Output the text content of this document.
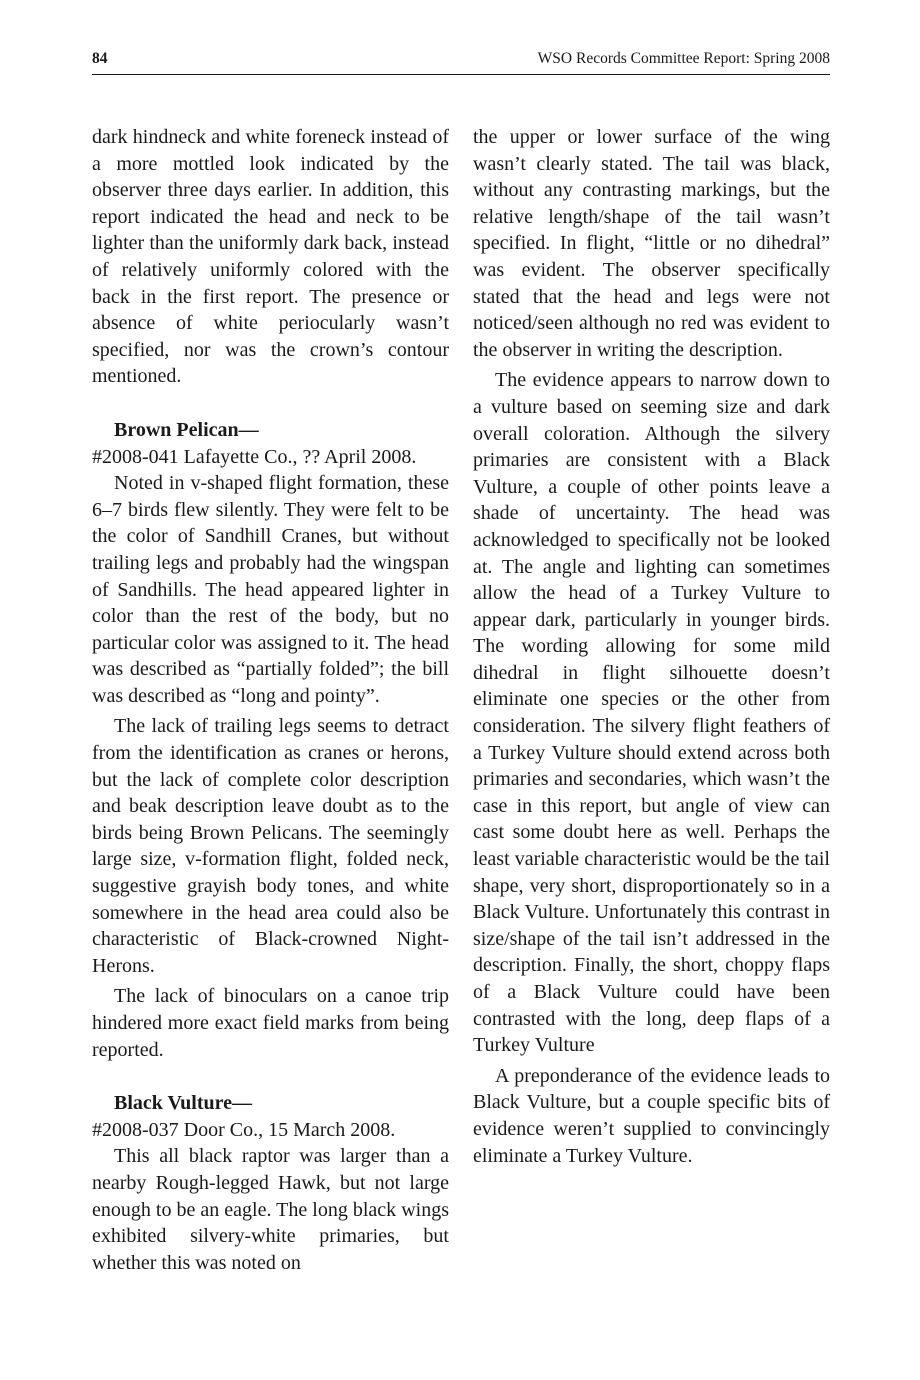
84	WSO Records Committee Report: Spring 2008

dark hindneck and white foreneck instead of a more mottled look indicated by the observer three days earlier. In addition, this report indicated the head and neck to be lighter than the uniformly dark back, instead of relatively uniformly colored with the back in the first report. The presence or absence of white periocularly wasn’t specified, nor was the crown’s contour mentioned.

Brown Pelican—

#2008-041 Lafayette Co., ?? April 2008.

Noted in v-shaped flight formation, these 6–7 birds flew silently. They were felt to be the color of Sandhill Cranes, but without trailing legs and probably had the wingspan of Sandhills. The head appeared lighter in color than the rest of the body, but no particular color was assigned to it. The head was described as “partially folded”; the bill was described as “long and pointy”.

The lack of trailing legs seems to detract from the identification as cranes or herons, but the lack of complete color description and beak description leave doubt as to the birds being Brown Pelicans. The seemingly large size, v-formation flight, folded neck, suggestive grayish body tones, and white somewhere in the head area could also be characteristic of Black-crowned Night-Herons.

The lack of binoculars on a canoe trip hindered more exact field marks from being reported.

Black Vulture—

#2008-037 Door Co., 15 March 2008.

This all black raptor was larger than a nearby Rough-legged Hawk, but not large enough to be an eagle. The long black wings exhibited silvery-white primaries, but whether this was noted on

the upper or lower surface of the wing wasn’t clearly stated. The tail was black, without any contrasting markings, but the relative length/shape of the tail wasn’t specified. In flight, “little or no dihedral” was evident. The observer specifically stated that the head and legs were not noticed/seen although no red was evident to the observer in writing the description.

The evidence appears to narrow down to a vulture based on seeming size and dark overall coloration. Although the silvery primaries are consistent with a Black Vulture, a couple of other points leave a shade of uncertainty. The head was acknowledged to specifically not be looked at. The angle and lighting can sometimes allow the head of a Turkey Vulture to appear dark, particularly in younger birds. The wording allowing for some mild dihedral in flight silhouette doesn’t eliminate one species or the other from consideration. The silvery flight feathers of a Turkey Vulture should extend across both primaries and secondaries, which wasn’t the case in this report, but angle of view can cast some doubt here as well. Perhaps the least variable characteristic would be the tail shape, very short, disproportionately so in a Black Vulture. Unfortunately this contrast in size/shape of the tail isn’t addressed in the description. Finally, the short, choppy flaps of a Black Vulture could have been contrasted with the long, deep flaps of a Turkey Vulture

A preponderance of the evidence leads to Black Vulture, but a couple specific bits of evidence weren’t supplied to convincingly eliminate a Turkey Vulture.
